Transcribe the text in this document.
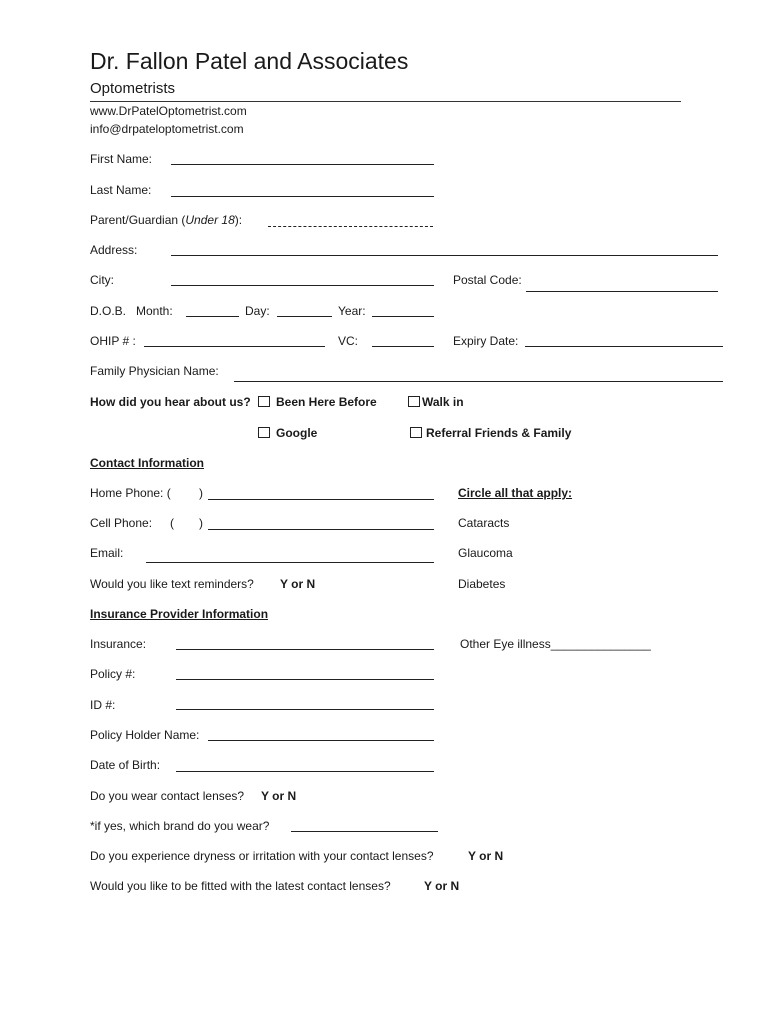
Dr. Fallon Patel and Associates
Optometrists
www.DrPatelOptometrist.com
info@drpateloptometrist.com
First Name:
Last Name:
Parent/Guardian (Under 18):
Address:
City:	Postal Code:
D.O.B. Month:	Day:	Year:
OHIP # :	VC:	Expiry Date:
Family Physician Name:
How did you hear about us? Been Here Before	Walk in
Google	Referral Friends & Family
Contact Information
Home Phone: ( )
Cell Phone: ( )
Email:
Would you like text reminders? Y or N
Circle all that apply:
Cataracts
Glaucoma
Diabetes
Other Eye illness_______________
Insurance Provider Information
Insurance:
Policy #:
ID #:
Policy Holder Name:
Date of Birth:
Do you wear contact lenses? Y or N
*if yes, which brand do you wear?
Do you experience dryness or irritation with your contact lenses?	Y or N
Would you like to be fitted with the latest contact lenses?	Y or N
